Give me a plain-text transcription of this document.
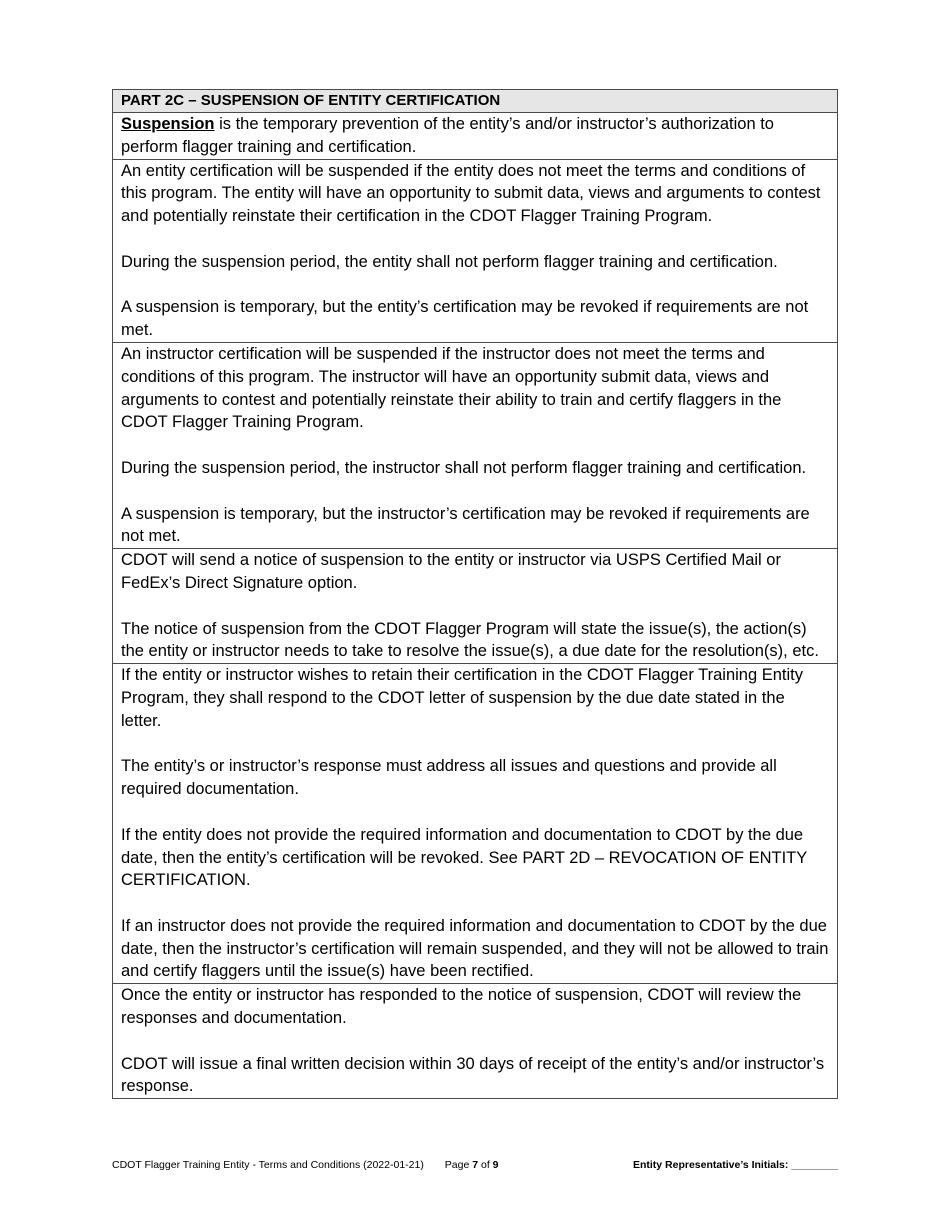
PART 2C – SUSPENSION OF ENTITY CERTIFICATION
Suspension is the temporary prevention of the entity’s and/or instructor’s authorization to perform flagger training and certification.

An entity certification will be suspended if the entity does not meet the terms and conditions of this program. The entity will have an opportunity to submit data, views and arguments to contest and potentially reinstate their certification in the CDOT Flagger Training Program.

During the suspension period, the entity shall not perform flagger training and certification.

A suspension is temporary, but the entity’s certification may be revoked if requirements are not met.

An instructor certification will be suspended if the instructor does not meet the terms and conditions of this program. The instructor will have an opportunity submit data, views and arguments to contest and potentially reinstate their ability to train and certify flaggers in the CDOT Flagger Training Program.

During the suspension period, the instructor shall not perform flagger training and certification.

A suspension is temporary, but the instructor’s certification may be revoked if requirements are not met.

CDOT will send a notice of suspension to the entity or instructor via USPS Certified Mail or FedEx’s Direct Signature option.

The notice of suspension from the CDOT Flagger Program will state the issue(s), the action(s) the entity or instructor needs to take to resolve the issue(s), a due date for the resolution(s), etc.

If the entity or instructor wishes to retain their certification in the CDOT Flagger Training Entity Program, they shall respond to the CDOT letter of suspension by the due date stated in the letter.

The entity’s or instructor’s response must address all issues and questions and provide all required documentation.

If the entity does not provide the required information and documentation to CDOT by the due date, then the entity’s certification will be revoked. See PART 2D – REVOCATION OF ENTITY CERTIFICATION.

If an instructor does not provide the required information and documentation to CDOT by the due date, then the instructor’s certification will remain suspended, and they will not be allowed to train and certify flaggers until the issue(s) have been rectified.

Once the entity or instructor has responded to the notice of suspension, CDOT will review the responses and documentation.

CDOT will issue a final written decision within 30 days of receipt of the entity’s and/or instructor’s response.

CDOT Flagger Training Entity - Terms and Conditions (2022-01-21) Page 7 of 9	Entity Representative’s Initials: ________
